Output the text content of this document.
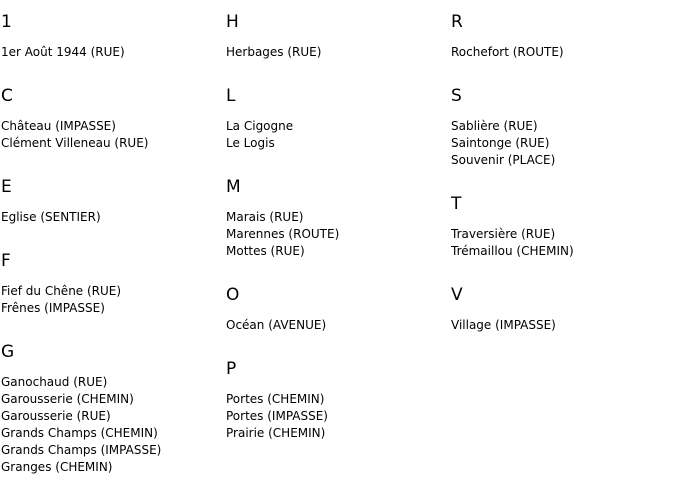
1
1er Août 1944 (RUE)
C
Château (IMPASSE)
Clément Villeneau (RUE)
E
Eglise (SENTIER)
F
Fief du Chêne (RUE)
Frênes (IMPASSE)
G
Ganochaud (RUE)
Garousserie (CHEMIN)
Garousserie (RUE)
Grands Champs (CHEMIN)
Grands Champs (IMPASSE)
Granges (CHEMIN)
H
Herbages (RUE)
L
La Cigogne
Le Logis
M
Marais (RUE)
Marennes (ROUTE)
Mottes (RUE)
O
Océan (AVENUE)
P
Portes (CHEMIN)
Portes (IMPASSE)
Prairie (CHEMIN)
R
Rochefort (ROUTE)
S
Sablière (RUE)
Saintonge (RUE)
Souvenir (PLACE)
T
Traversière (RUE)
Trémaillou (CHEMIN)
V
Village (IMPASSE)
